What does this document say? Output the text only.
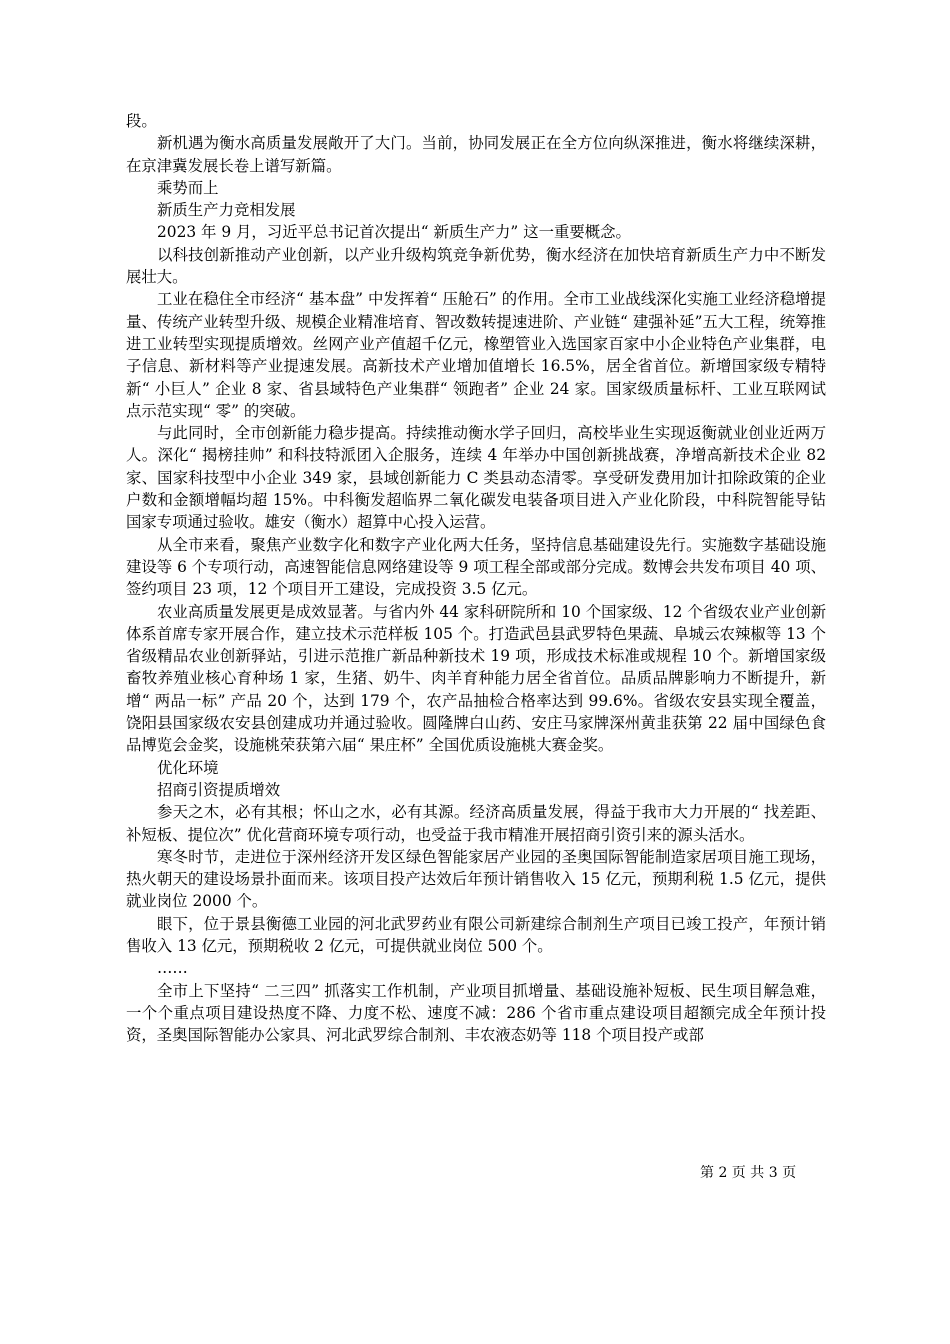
段。

新机遇为衡水高质量发展敞开了大门。当前，协同发展正在全方位向纵深推进，衡水将继续深耕，在京津冀发展长卷上谱写新篇。

乘势而上

新质生产力竞相发展

2023 年 9 月，习近平总书记首次提出“ 新质生产力” 这一重要概念。

以科技创新推动产业创新，以产业升级构筑竞争新优势，衡水经济在加快培育新质生产力中不断发展壮大。

工业在稳住全市经济“ 基本盘” 中发挥着“ 压舱石” 的作用。全市工业战线深化实施工业经济稳增提量、传统产业转型升级、规模企业精准培育、智改数转提速进阶、产业链“ 建强补延”五大工程，统筹推进工业转型实现提质增效。丝网产业产值超千亿元，橡塑管业入选国家百家中小企业特色产业集群，电子信息、新材料等产业提速发展。高新技术产业增加值增长 16.5%，居全省首位。新增国家级专精特新“ 小巨人” 企业 8 家、省县域特色产业集群“ 领跑者” 企业 24 家。国家级质量标杆、工业互联网试点示范实现“ 零” 的突破。

与此同时，全市创新能力稳步提高。持续推动衡水学子回归，高校毕业生实现返衡就业创业近两万人。深化“ 揭榜挂帅” 和科技特派团入企服务，连续 4 年举办中国创新挑战赛，净增高新技术企业 82 家、国家科技型中小企业 349 家，县域创新能力 C 类县动态清零。享受研发费用加计扣除政策的企业户数和金额增幅均超 15%。中科衡发超临界二氧化碳发电装备项目进入产业化阶段，中科院智能导钻国家专项通过验收。雄安（衡水）超算中心投入运营。

从全市来看，聚焦产业数字化和数字产业化两大任务，坚持信息基础建设先行。实施数字基础设施建设等 6 个专项行动，高速智能信息网络建设等 9 项工程全部或部分完成。数博会共发布项目 40 项、签约项目 23 项，12 个项目开工建设，完成投资 3.5 亿元。

农业高质量发展更是成效显著。与省内外 44 家科研院所和 10 个国家级、12 个省级农业产业创新体系首席专家开展合作，建立技术示范样板 105 个。打造武邑县武罗特色果蔬、阜城云农辣椒等 13 个省级精品农业创新驿站，引进示范推广新品种新技术 19 项，形成技术标准或规程 10 个。新增国家级畜牧养殖业核心育种场 1 家，生猪、奶牛、肉羊育种能力居全省首位。品质品牌影响力不断提升，新增“ 两品一标” 产品 20 个，达到 179 个，农产品抽检合格率达到 99.6%。省级农安县实现全覆盖，饶阳县国家级农安县创建成功并通过验收。圆隆牌白山药、安庄马家牌深州黄韭获第 22 届中国绿色食品博览会金奖，设施桃荣获第六届“ 果庄杯” 全国优质设施桃大赛金奖。

优化环境

招商引资提质增效

参天之木，必有其根；怀山之水，必有其源。经济高质量发展，得益于我市大力开展的“ 找差距、补短板、提位次” 优化营商环境专项行动，也受益于我市精准开展招商引资引来的源头活水。

寒冬时节，走进位于深州经济开发区绿色智能家居产业园的圣奥国际智能制造家居项目施工现场，热火朝天的建设场景扑面而来。该项目投产达效后年预计销售收入 15 亿元，预期利税 1.5 亿元，提供就业岗位 2000 个。

眼下，位于景县衡德工业园的河北武罗药业有限公司新建综合制剂生产项目已竣工投产，年预计销售收入 13 亿元，预期税收 2 亿元，可提供就业岗位 500 个。

……

全市上下坚持“ 二三四” 抓落实工作机制，产业项目抓增量、基础设施补短板、民生项目解急难，一个个重点项目建设热度不降、力度不松、速度不减：286 个省市重点建设项目超额完成全年预计投资，圣奥国际智能办公家具、河北武罗综合制剂、丰农液态奶等 118 个项目投产或部

第 2 页 共 3 页
